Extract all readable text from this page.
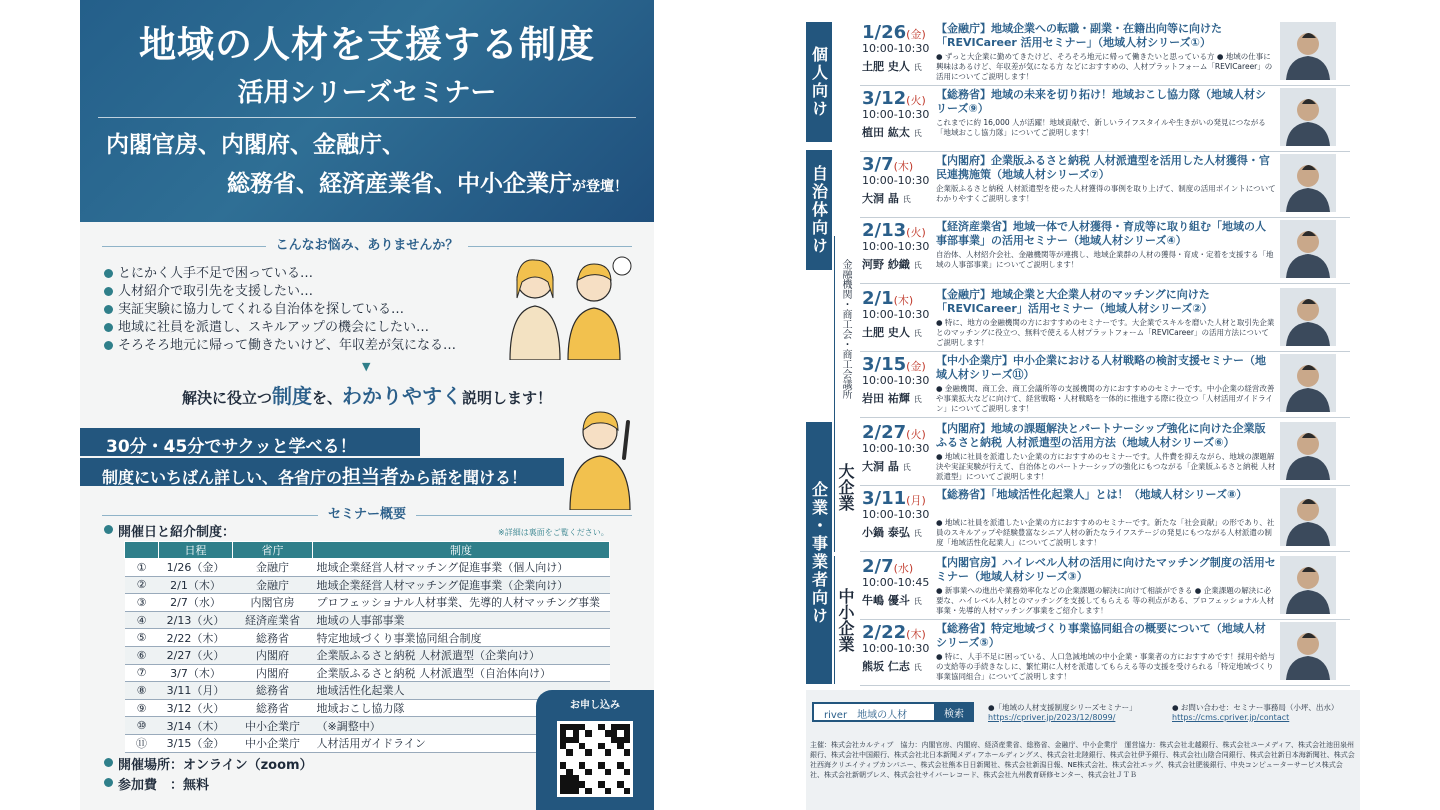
地域の人材を支援する制度
活用シリーズセミナー
内閣官房、内閣府、金融庁、
総務省、経済産業省、中小企業庁が登壇！
こんなお悩み、ありませんか？
とにかく人手不足で困っている…
人材紹介で取引先を支援したい…
実証実験に協力してくれる自治体を探している…
地域に社員を派遣し、スキルアップの機会にしたい…
そろそろ地元に帰って働きたいけど、年収差が気になる…
▼
解決に役立つ制度を、わかりやすく説明します！
30分・45分でサクッと学べる！
制度にいちばん詳しい、各省庁の担当者から話を聞ける！
セミナー概要
開催日と紹介制度：	※詳細は裏面をご覧ください。
	日程	省庁	制度
①	1/26（金）	金融庁	地域企業経営人材マッチング促進事業（個人向け）
②	2/1（木）	金融庁	地域企業経営人材マッチング促進事業（企業向け）
③	2/7（水）	内閣官房	プロフェッショナル人材事業、先導的人材マッチング事業
④	2/13（火）	経済産業省	地域の人事部事業
⑤	2/22（木）	総務省	特定地域づくり事業協同組合制度
⑥	2/27（火）	内閣府	企業版ふるさと納税 人材派遣型（企業向け）
⑦	3/7（木）	内閣府	企業版ふるさと納税 人材派遣型（自治体向け）
⑧	3/11（月）	総務省	地域活性化起業人
⑨	3/12（火）	総務省	地域おこし協力隊
⑩	3/14（木）	中小企業庁	（※調整中）
⑪	3/15（金）	中小企業庁	人材活用ガイドライン
開催場所：オンライン（zoom）
参加費　：無料
お申し込み
個人向け
自治体向け
金融機関・商工会・商工会議所
企業・事業者向け 大企業
中小企業
1/26(金)
10:00-10:30
土肥 史人 氏
【金融庁】地域企業への転職・副業・在籍出向等に向けた「REVICareer 活用セミナー」（地域人材シリーズ①）
● ずっと大企業に勤めてきたけど、そろそろ地元に帰って働きたいと思っている方 ● 地域の仕事に興味はあるけど、年収差が気になる方 などにおすすめの、人材プラットフォーム「REVICareer」の活用についてご説明します！
3/12(火)
10:00-10:30
植田 紘太 氏
【総務省】地域の未来を切り拓け！地域おこし協力隊（地域人材シリーズ⑨）
これまでに約 16,000 人が活躍！地域貢献で、新しいライフスタイルや生きがいの発見につながる「地域おこし協力隊」についてご説明します！
3/7(木)
10:00-10:30
大洞 晶 氏
【内閣府】企業版ふるさと納税 人材派遣型を活用した人材獲得・官民連携施策（地域人材シリーズ⑦）
企業版ふるさと納税 人材派遣型を使った人材獲得の事例を取り上げて、制度の活用ポイントについてわかりやすくご説明します！
2/13(火)
10:00-10:30
河野 紗織 氏
【経済産業省】地域一体で人材獲得・育成等に取り組む「地域の人事部事業」の活用セミナー（地域人材シリーズ④）
自治体、人材紹介会社、金融機関等が連携し、地域企業群の人材の獲得・育成・定着を支援する「地域の人事部事業」についてご説明します！
2/1(木)
10:00-10:30
土肥 史人 氏
【金融庁】地域企業と大企業人材のマッチングに向けた「REVICareer」活用セミナー（地域人材シリーズ②）
● 特に、地方の金融機関の方におすすめのセミナーです。大企業でスキルを磨いた人材と取引先企業とのマッチングに役立つ、無料で使える人材プラットフォーム「REVICareer」の活用方法についてご説明します！
3/15(金)
10:00-10:30
岩田 祐輝 氏
【中小企業庁】中小企業における人材戦略の検討支援セミナー（地域人材シリーズ⑪）
● 金融機関、商工会、商工会議所等の支援機関の方におすすめのセミナーです。中小企業の経営改善や事業拡大などに向けて、経営戦略・人材戦略を一体的に推進する際に役立つ「人材活用ガイドライン」についてご説明します！
2/27(火)
10:00-10:30
大洞 晶 氏
【内閣府】地域の課題解決とパートナーシップ強化に向けた企業版ふるさと納税 人材派遣型の活用方法（地域人材シリーズ⑥）
● 地域に社員を派遣したい企業の方におすすめのセミナーです。人件費を抑えながら、地域の課題解決や実証実験が行えて、自治体とのパートナーシップの強化にもつながる「企業版ふるさと納税 人材派遣型」についてご説明します！
3/11(月)
10:00-10:30
小鍋 泰弘 氏
【総務省】「地域活性化起業人」とは！（地域人材シリーズ⑧）
● 地域に社員を派遣したい企業の方におすすめのセミナーです。新たな「社会貢献」の形であり、社員のスキルアップや経験豊富なシニア人材の新たなライフステージの発見にもつながる人材派遣の制度「地域活性化起業人」についてご説明します！
2/7(水)
10:00-10:45
牛嶋 優斗 氏
【内閣官房】ハイレベル人材の活用に向けたマッチング制度の活用セミナー（地域人材シリーズ③）
● 新事業への進出や業務効率化などの企業課題の解決に向けて相談ができる ● 企業課題の解決に必要な、ハイレベル人材とのマッチングを支援してもらえる 等の利点がある、プロフェッショナル人材事業・先導的人材マッチング事業をご紹介します！
2/22(木)
10:00-10:30
熊坂 仁志 氏
【総務省】特定地域づくり事業協同組合の概要について（地域人材シリーズ⑤）
● 特に、人手不足に困っている、人口急減地域の中小企業・事業者の方におすすめです！採用や給与の支給等の手続きなしに、繁忙期に人材を派遣してもらえる等の支援を受けられる「特定地域づくり事業協同組合」についてご説明します！
river　地域の人材	検索
●「地域の人材支援制度シリーズセミナー」
https://cpriver.jp/2023/12/8099/
● お問い合わせ：セミナー事務局（小坪、出水）
https://cms.cpriver.jp/contact
主催：株式会社カルティブ　協力：内閣官房、内閣府、経済産業省、総務省、金融庁、中小企業庁　運営協力：株式会社北越銀行、株式会社ユーメディア、株式会社池田泉州銀行、株式会社中国銀行、株式会社北日本新聞メディアホールディングス、株式会社北陸銀行、株式会社伊予銀行、株式会社山陰合同銀行、株式会社新日本海新聞社、株式会社西海クリエイティブカンパニー、株式会社熊本日日新聞社、株式会社新潟日報、NE株式会社、株式会社エッグ、株式会社肥後銀行、中央コンピューターサービス株式会社、株式会社新朝プレス、株式会社サイバーレコード、株式会社九州教育研修センター、株式会社ＪＴＢ
